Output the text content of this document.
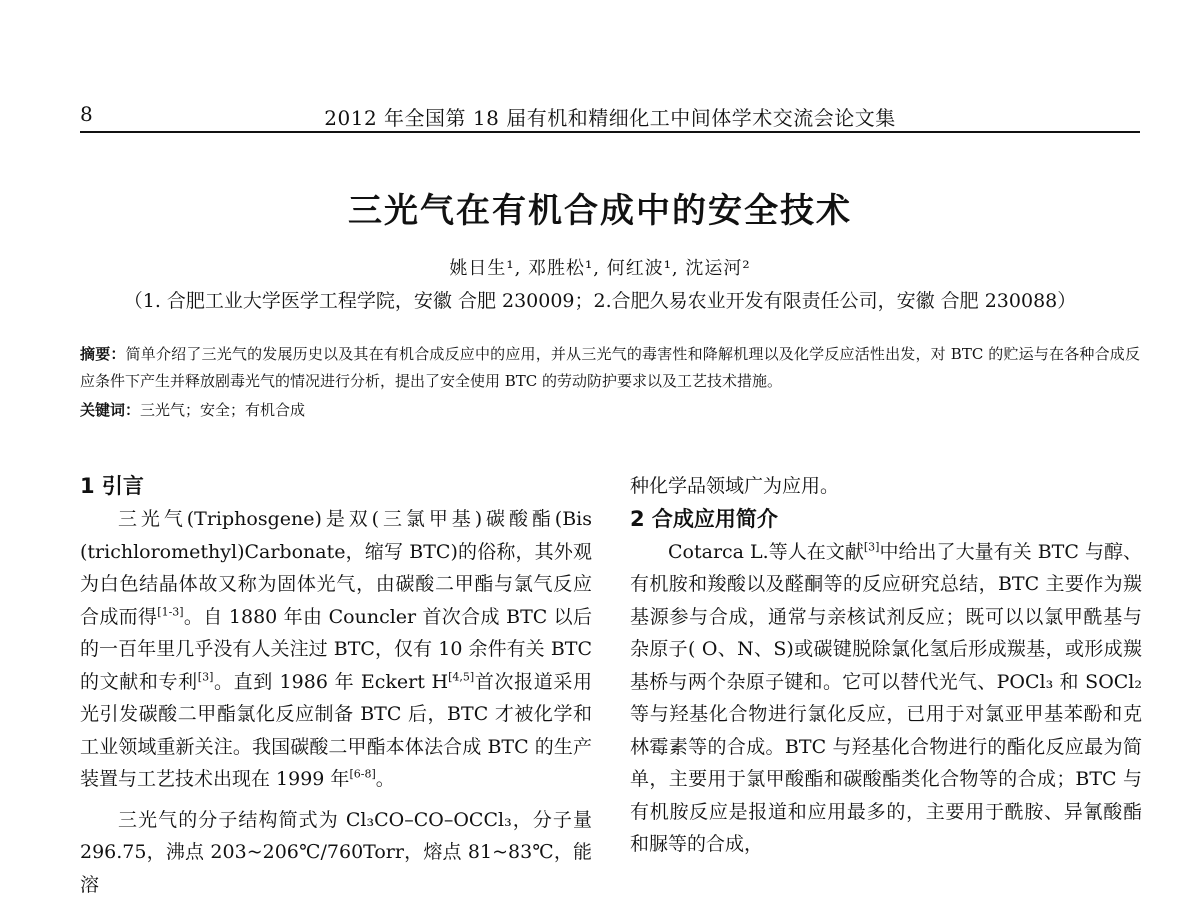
8	2012 年全国第 18 届有机和精细化工中间体学术交流会论文集
三光气在有机合成中的安全技术
姚日生¹, 邓胜松¹, 何红波¹, 沈运河²
（1. 合肥工业大学医学工程学院，安徽 合肥 230009；2.合肥久易农业开发有限责任公司，安徽 合肥 230088）
摘要：简单介绍了三光气的发展历史以及其在有机合成反应中的应用，并从三光气的毒害性和降解机理以及化学反应活性出发，对 BTC 的贮运与在各种合成反应条件下产生并释放剧毒光气的情况进行分析，提出了安全使用 BTC 的劳动防护要求以及工艺技术措施。
关键词：三光气；安全；有机合成
1 引言

三光气(Triphosgene)是双(三氯甲基)碳酸酯(Bis (trichloromethyl)Carbonate，缩写 BTC)的俗称，其外观为白色结晶体故又称为固体光气，由碳酸二甲酯与氯气反应合成而得[1-3]。自 1880 年由 Councler 首次合成 BTC 以后的一百年里几乎没有人关注过 BTC，仅有 10 余件有关 BTC 的文献和专利[3]。直到 1986 年 Eckert H[4,5]首次报道采用光引发碳酸二甲酯氯化反应制备 BTC 后，BTC 才被化学和工业领域重新关注。我国碳酸二甲酯本体法合成 BTC 的生产装置与工艺技术出现在 1999 年[6-8]。

三光气的分子结构简式为 Cl₃CO–CO–OCCl₃，分子量 296.75，沸点 203~206℃/760Torr，熔点 81~83℃，能溶

种化学品领域广为应用。

2 合成应用简介

Cotarca L.等人在文献[3]中给出了大量有关 BTC 与醇、有机胺和羧酸以及醛酮等的反应研究总结，BTC 主要作为羰基源参与合成，通常与亲核试剂反应；既可以以氯甲酰基与杂原子( O、N、S)或碳键脱除氯化氢后形成羰基，或形成羰基桥与两个杂原子键和。它可以替代光气、POCl₃ 和 SOCl₂ 等与羟基化合物进行氯化反应，已用于对氯亚甲基苯酚和克林霉素等的合成。BTC 与羟基化合物进行的酯化反应最为简单，主要用于氯甲酸酯和碳酸酯类化合物等的合成；BTC 与有机胺反应是报道和应用最多的，主要用于酰胺、异氰酸酯和脲等的合成，
